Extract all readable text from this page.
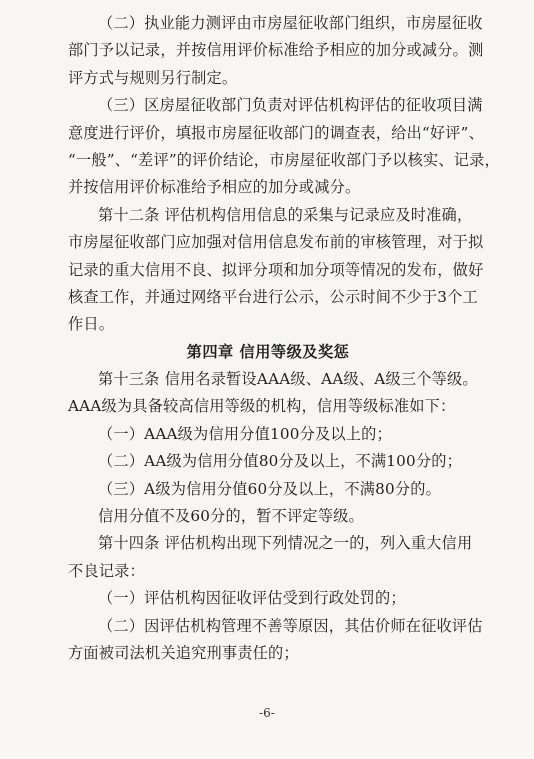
（二）执业能力测评由市房屋征收部门组织，市房屋征收
部门予以记录，并按信用评价标准给予相应的加分或减分。测
评方式与规则另行制定。
（三）区房屋征收部门负责对评估机构评估的征收项目满
意度进行评价，填报市房屋征收部门的调查表，给出“好评”、
“一般”、“差评”的评价结论，市房屋征收部门予以核实、记录，
并按信用评价标准给予相应的加分或减分。
第十二条 评估机构信用信息的采集与记录应及时准确，
市房屋征收部门应加强对信用信息发布前的审核管理，对于拟
记录的重大信用不良、拟评分项和加分项等情况的发布，做好
核查工作，并通过网络平台进行公示，公示时间不少于3个工
作日。
第四章 信用等级及奖惩
第十三条 信用名录暂设AAA级、AA级、A级三个等级。
AAA级为具备较高信用等级的机构，信用等级标准如下：
（一）AAA级为信用分值100分及以上的；
（二）AA级为信用分值80分及以上，不满100分的；
（三）A级为信用分值60分及以上，不满80分的。
信用分值不及60分的，暂不评定等级。
第十四条 评估机构出现下列情况之一的，列入重大信用
不良记录：
（一）评估机构因征收评估受到行政处罚的；
（二）因评估机构管理不善等原因，其估价师在征收评估
方面被司法机关追究刑事责任的；
-6-
